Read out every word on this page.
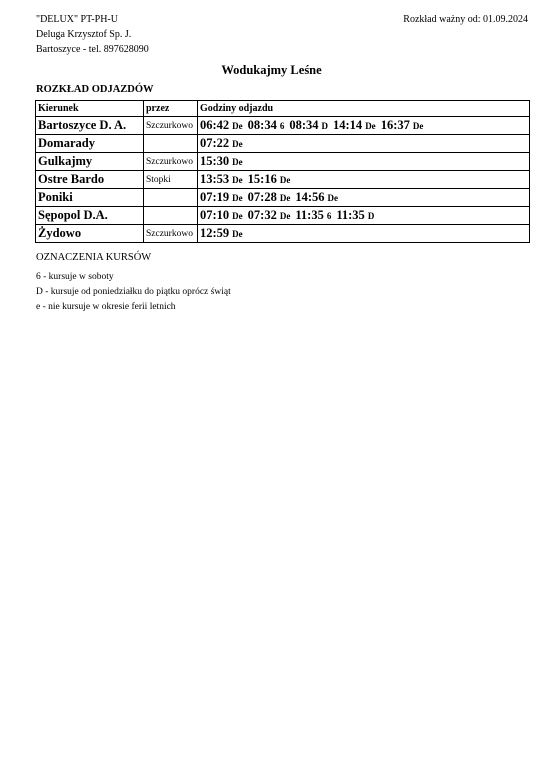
"DELUX" PT-PH-U
Deluga Krzysztof Sp. J.
Bartoszyce - tel. 897628090
Rozkład ważny od: 01.09.2024
Wodukajmy Leśne
ROZKŁAD ODJAZDÓW
Kierunek	przez	Godziny odjazdu
Bartoszyce D. A.	Szczurkowo	06:42 De 08:34 6 08:34 D 14:14 De 16:37 De
Domarady		07:22 De
Gulkajmy	Szczurkowo	15:30 De
Ostre Bardo	Stopki	13:53 De 15:16 De
Poniki		07:19 De 07:28 De 14:56 De
Sępopol D.A.		07:10 De 07:32 De 11:35 6 11:35 D
Żydowo	Szczurkowo	12:59 De
OZNACZENIA KURSÓW
6 - kursuje w soboty
D - kursuje od poniedziałku do piątku oprócz świąt
e - nie kursuje w okresie ferii letnich
